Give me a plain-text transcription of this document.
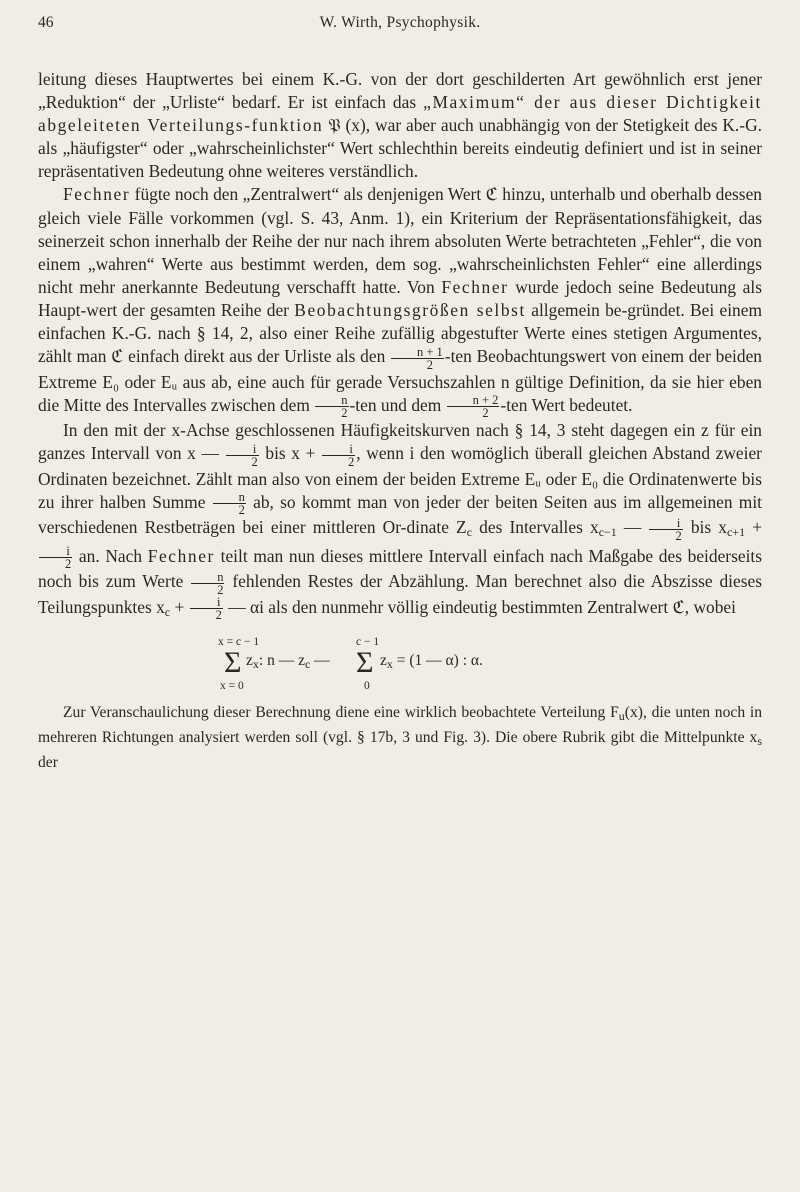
46	W. Wirth, Psychophysik.

leitung dieses Hauptwertes bei einem K.-G. von der dort geschilderten Art gewöhnlich erst jener „Reduktion“ der „Urliste“ bedarf. Er ist einfach das „Maximum“ der aus dieser Dichtigkeit abgeleiteten Verteilungs-funktion 𝔓 (x), war aber auch unabhängig von der Stetigkeit des K.-G. als „häufigster“ oder „wahrscheinlichster“ Wert schlechthin bereits eindeutig definiert und ist in seiner repräsentativen Bedeutung ohne weiteres verständlich.

Fechner fügte noch den „Zentralwert“ als denjenigen Wert ℭ hinzu, unterhalb und oberhalb dessen gleich viele Fälle vorkommen (vgl. S. 43, Anm. 1), ein Kriterium der Repräsentationsfähigkeit, das seinerzeit schon innerhalb der Reihe der nur nach ihrem absoluten Werte betrachteten „Fehler“, die von einem „wahren“ Werte aus bestimmt werden, dem sog. „wahrscheinlichsten Fehler“ eine allerdings nicht mehr anerkannte Bedeutung verschafft hatte. Von Fechner wurde jedoch seine Bedeutung als Haupt-wert der gesamten Reihe der Beobachtungsgrößen selbst allgemein be-gründet. Bei einem einfachen K.-G. nach § 14, 2, also einer Reihe zufällig abgestufter Werte eines stetigen Argumentes, zählt man ℭ einfach direkt aus der Urliste als den $\frac{n + 1}{2} -ten$ Beobachtungswert von einem der beiden Extreme E₀ oder Eᵤ aus ab, eine auch für gerade Versuchszahlen n gültige Definition, da sie hier eben die Mitte des Intervalles zwischen dem $\frac{n}{2} -ten$ und dem $\frac{n + 2}{2} -ten$ Wert bedeutet.

In den mit der x-Achse geschlossenen Häufigkeitskurven nach § 14, 3 steht dagegen ein z für ein ganzes Intervall von x — $\frac{i}{2}$ bis $x + \frac{i}{2}$ , wenn i den womöglich überall gleichen Abstand zweier Ordinaten bezeichnet. Zählt man also von einem der beiden Extreme Eᵤ oder E₀ die Ordinatenwerte bis zu ihrer halben Summe $\frac{n}{2}$ ab, so kommt man von jeder der beiten Seiten aus im allgemeinen mit verschiedenen Restbeträgen bei einer mittleren Or-dinate $Z_c$ des Intervalles $x_{c-1}$ — $\frac{i}{2}$ bis $x_{c+1}$ +
$\frac{i}{2}$ an. Nach Fechner teilt man nun dieses mittlere Intervall einfach nach Maßgabe des beiderseits noch bis zum Werte $\frac{n}{2}$ fehlenden Restes der Abzählung. Man berechnet also die Abszisse dieses Teilungspunktes $x_c + \frac{i}{2}$ — αi als den nunmehr völlig eindeutig bestimmten Zentralwert ℭ, wobei

x = c − 1
Σ
x = 0
$z_x$: n — $z_c$ —
c − 1
Σ
0
$z_x = (1$ — α) : α.
Zur Veranschaulichung dieser Berechnung diene eine wirklich beobachtete Verteilung $F_u(x)$, die unten noch in mehreren Richtungen analysiert werden soll (vgl. § 17b, 3 und Fig. 3). Die obere Rubrik gibt die Mittelpunkte $x_s$ der
